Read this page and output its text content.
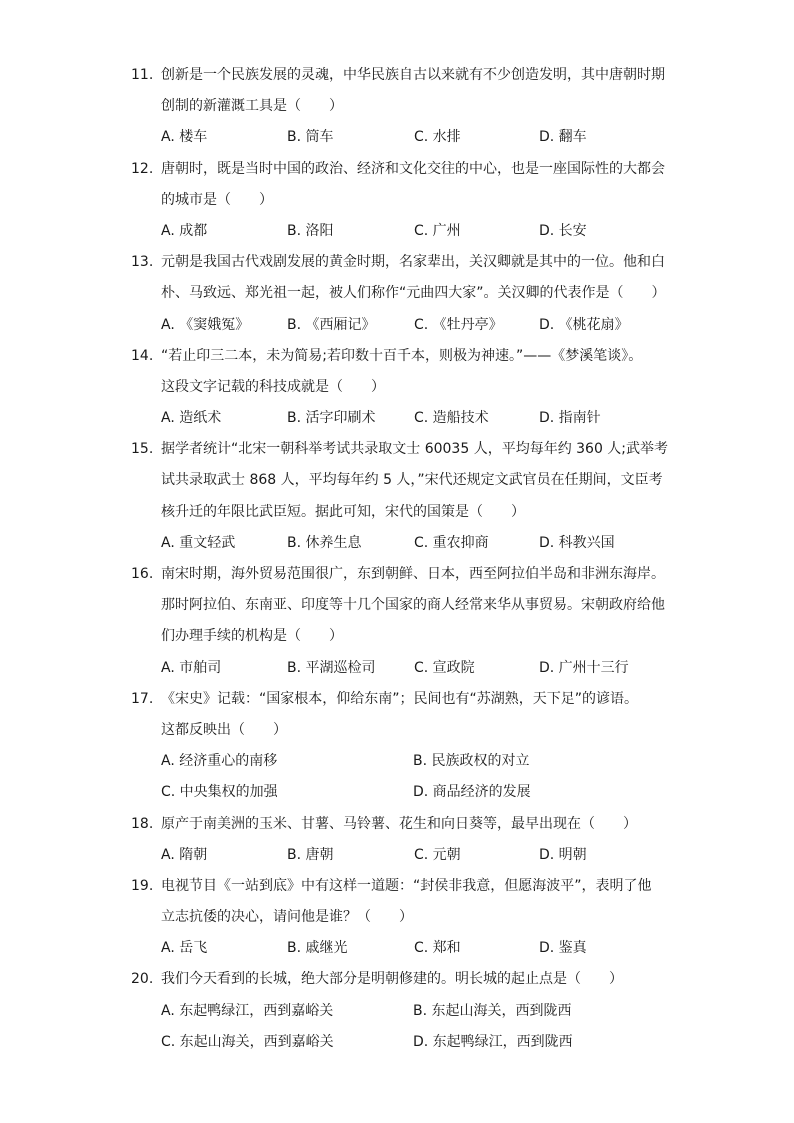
11. 创新是一个民族发展的灵魂，中华民族自古以来就有不少创造发明，其中唐朝时期
创制的新灌溉工具是（　　）
A. 楼车	B. 筒车	C. 水排	D. 翻车
12. 唐朝时，既是当时中国的政治、经济和文化交往的中心，也是一座国际性的大都会
的城市是（　　）
A. 成都	B. 洛阳	C. 广州	D. 长安
13. 元朝是我国古代戏剧发展的黄金时期，名家辈出，关汉卿就是其中的一位。他和白
朴、马致远、郑光祖一起，被人们称作“元曲四大家”。关汉卿的代表作是（　　）
A. 《窦娥冤》	B. 《西厢记》	C. 《牡丹亭》	D. 《桃花扇》
14. “若止印三二本，未为简易;若印数十百千本，则极为神速。”——《梦溪笔谈》。
这段文字记载的科技成就是（　　）
A. 造纸术	B. 活字印刷术	C. 造船技术	D. 指南针
15. 据学者统计“北宋一朝科举考试共录取文士 60035 人，平均每年约 360 人;武举考
试共录取武士 868 人，平均每年约 5 人，”宋代还规定文武官员在任期间，文臣考
核升迁的年限比武臣短。据此可知，宋代的国策是（　　）
A. 重文轻武	B. 休养生息	C. 重农抑商	D. 科教兴国
16. 南宋时期，海外贸易范围很广，东到朝鲜、日本，西至阿拉伯半岛和非洲东海岸。
那时阿拉伯、东南亚、印度等十几个国家的商人经常来华从事贸易。宋朝政府给他
们办理手续的机构是（　　）
A. 市舶司	B. 平湖巡检司	C. 宣政院	D. 广州十三行
17. 《宋史》记载：“国家根本，仰给东南”；民间也有“苏湖熟，天下足”的谚语。
这都反映出（　　）
A. 经济重心的南移	B. 民族政权的对立
C. 中央集权的加强	D. 商品经济的发展
18. 原产于南美洲的玉米、甘薯、马铃薯、花生和向日葵等，最早出现在（　　）
A. 隋朝	B. 唐朝	C. 元朝	D. 明朝
19. 电视节目《一站到底》中有这样一道题：“封侯非我意，但愿海波平”，表明了他
立志抗倭的决心，请问他是谁？（　　）
A. 岳飞	B. 戚继光	C. 郑和	D. 鉴真
20. 我们今天看到的长城，绝大部分是明朝修建的。明长城的起止点是（　　）
A. 东起鸭绿江，西到嘉峪关	B. 东起山海关，西到陇西
C. 东起山海关，西到嘉峪关	D. 东起鸭绿江，西到陇西
